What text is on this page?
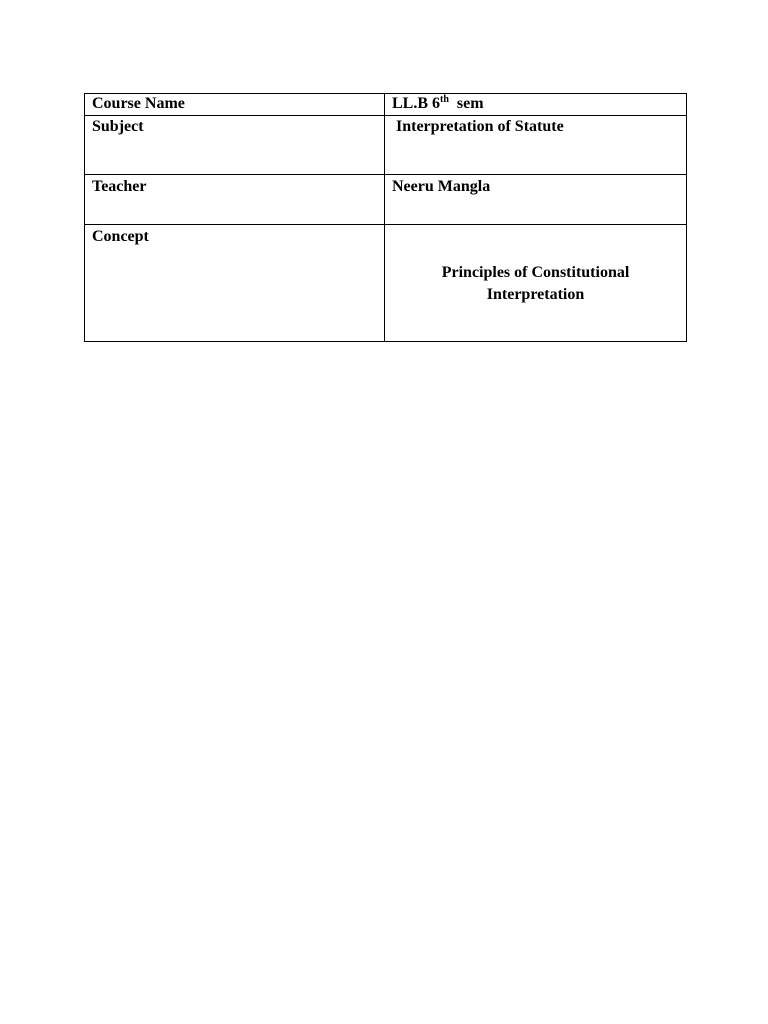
Course Name	LL.B 6th sem
Subject	Interpretation of Statute
Teacher	Neeru Mangla
Concept	Principles of Constitutional Interpretation
